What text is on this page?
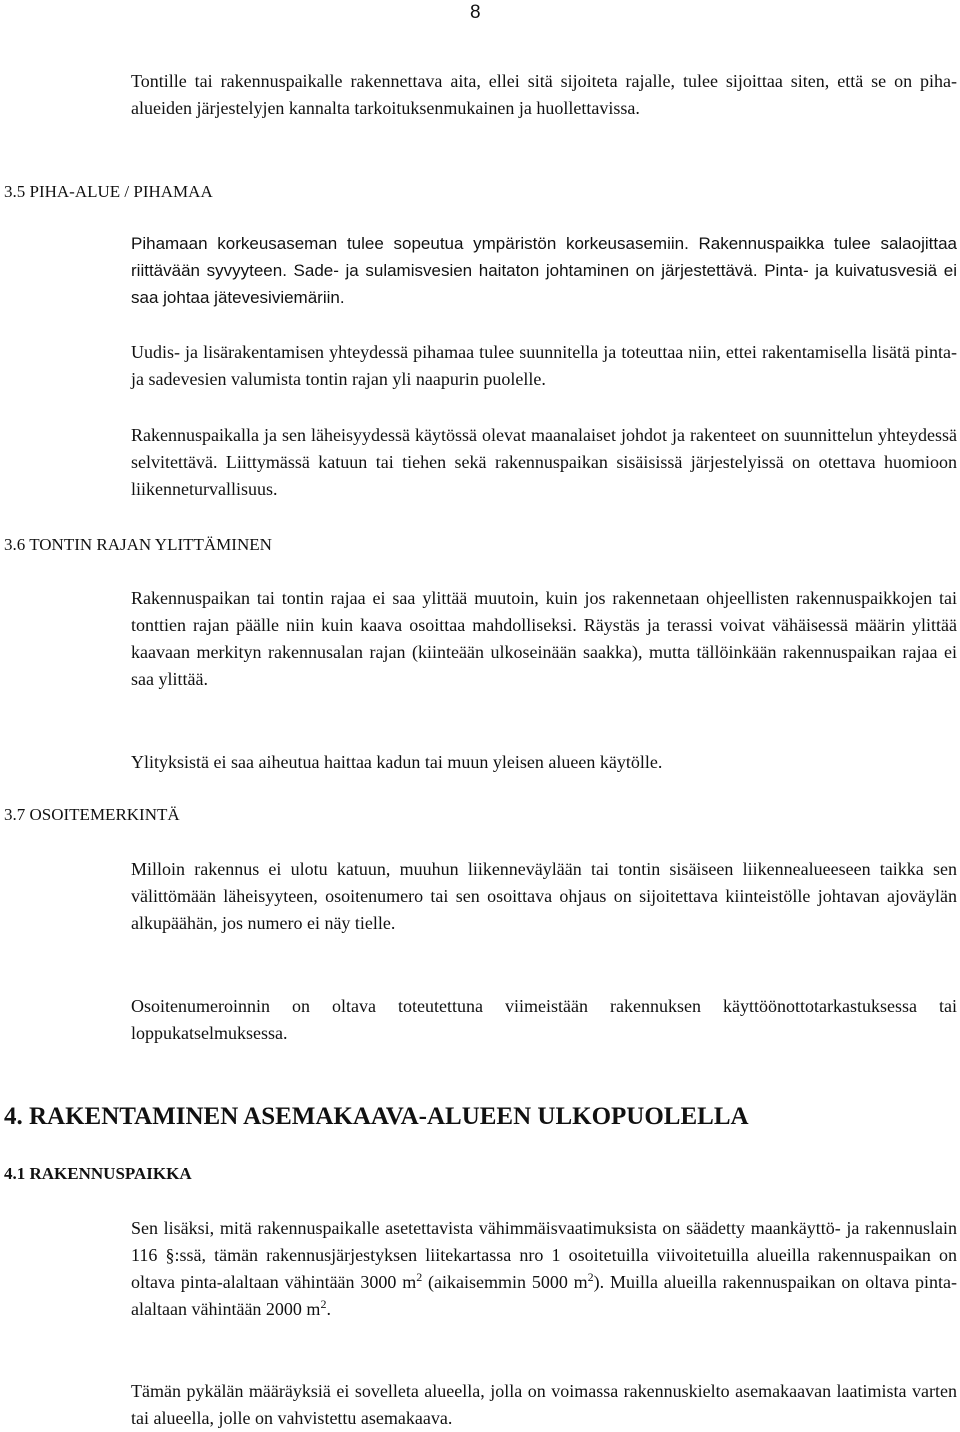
8

Tontille tai rakennuspaikalle rakennettava aita, ellei sitä sijoiteta rajalle, tulee sijoittaa siten, että se on piha-alueiden järjestelyjen kannalta tarkoituksenmukainen ja huollettavissa.

3.5 PIHA-ALUE / PIHAMAA

Pihamaan korkeusaseman tulee sopeutua ympäristön korkeusasemiin. Rakennuspaikka tulee salaojittaa riittävään syvyyteen. Sade- ja sulamisvesien haitaton johtaminen on järjestettävä. Pinta- ja kuivatusvesiä ei saa johtaa jätevesiviemäriin.

Uudis- ja lisärakentamisen yhteydessä pihamaa tulee suunnitella ja toteuttaa niin, ettei rakentamisella lisätä pinta- ja sadevesien valumista tontin rajan yli naapurin puolelle.

Rakennuspaikalla ja sen läheisyydessä käytössä olevat maanalaiset johdot ja rakenteet on suunnittelun yhteydessä selvitettävä. Liittymässä katuun tai tiehen sekä rakennuspaikan sisäisissä järjestelyissä on otettava huomioon liikenneturvallisuus.

3.6 TONTIN RAJAN YLITTÄMINEN

Rakennuspaikan tai tontin rajaa ei saa ylittää muutoin, kuin jos rakennetaan ohjeellisten rakennuspaikkojen tai tonttien rajan päälle niin kuin kaava osoittaa mahdolliseksi. Räystäs ja terassi voivat vähäisessä määrin ylittää kaavaan merkityn rakennusalan rajan (kiinteään ulkoseinään saakka), mutta tällöinkään rakennuspaikan rajaa ei saa ylittää.

Ylityksistä ei saa aiheutua haittaa kadun tai muun yleisen alueen käytölle.

3.7 OSOITEMERKINTÄ

Milloin rakennus ei ulotu katuun, muuhun liikenneväylään tai tontin sisäiseen liikennealueeseen taikka sen välittömään läheisyyteen, osoitenumero tai sen osoittava ohjaus on sijoitettava kiinteistölle johtavan ajoväylän alkupäähän, jos numero ei näy tielle.

Osoitenumeroinnin on oltava toteutettuna viimeistään rakennuksen käyttöönottotarkastuksessa tai loppukatselmuksessa.

4. RAKENTAMINEN ASEMAKAAVA-ALUEEN ULKOPUOLELLA
4.1 RAKENNUSPAIKKA

Sen lisäksi, mitä rakennuspaikalle asetettavista vähimmäisvaatimuksista on säädetty maankäyttö- ja rakennuslain 116 §:ssä, tämän rakennusjärjestyksen liitekartassa nro 1 osoitetuilla viivoitetuilla alueilla rakennuspaikan on oltava pinta-alaltaan vähintään 3000 $m^2$ (aikaisemmin 5000 $m^2$). Muilla alueilla rakennuspaikan on oltava pinta-alaltaan vähintään 2000 $m^2$.

Tämän pykälän määräyksiä ei sovelleta alueella, jolla on voimassa rakennuskielto asemakaavan laatimista varten tai alueella, jolle on vahvistettu asemakaava.
